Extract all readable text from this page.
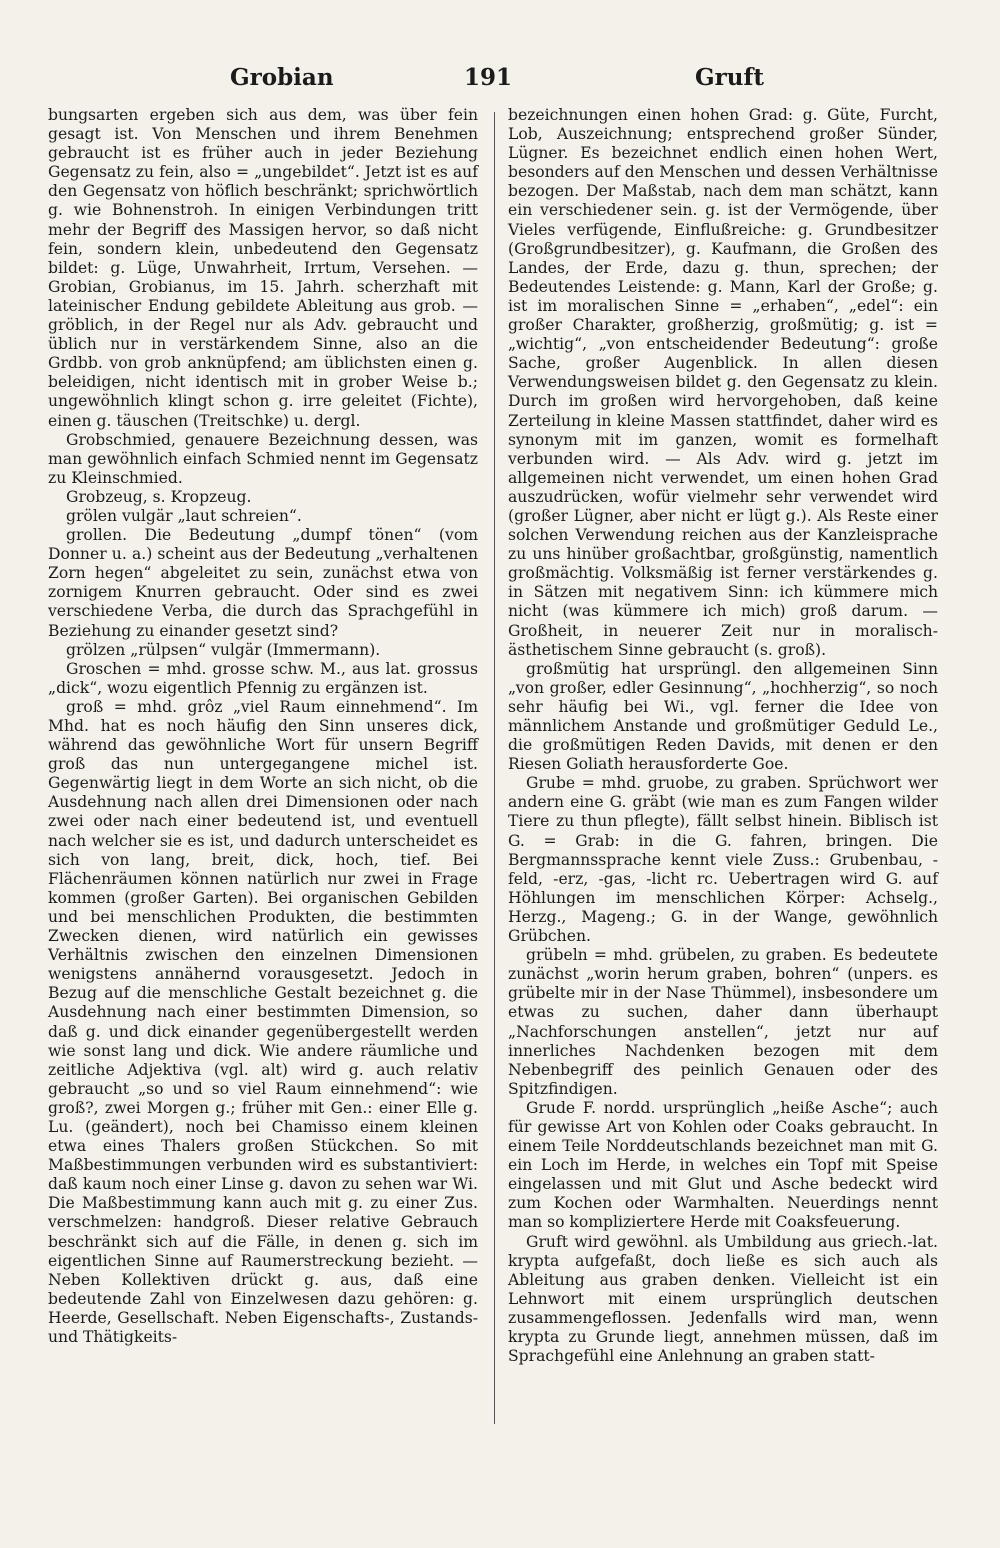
Grobian	191	Gruft

bungsarten ergeben sich aus dem, was über fein gesagt ist. Von Menschen und ihrem Benehmen gebraucht ist es früher auch in jeder Beziehung Gegensatz zu fein, also = „ungebildet“. Jetzt ist es auf den Gegensatz von höflich beschränkt; sprichwörtlich g. wie Bohnenstroh. In einigen Verbindungen tritt mehr der Begriff des Massigen hervor, so daß nicht fein, sondern klein, unbedeutend den Gegensatz bildet: g. Lüge, Unwahrheit, Irrtum, Versehen. — Grobian, Grobianus, im 15. Jahrh. scherzhaft mit lateinischer Endung gebildete Ableitung aus grob. — gröblich, in der Regel nur als Adv. gebraucht und üblich nur in verstärkendem Sinne, also an die Grdbb. von grob anknüpfend; am üblichsten einen g. beleidigen, nicht identisch mit in grober Weise b.; ungewöhnlich klingt schon g. irre geleitet (Fichte), einen g. täuschen (Treitschke) u. dergl.

Grobschmied, genauere Bezeichnung dessen, was man gewöhnlich einfach Schmied nennt im Gegensatz zu Kleinschmied.

Grobzeug, s. Kropzeug.

grölen vulgär „laut schreien“.

grollen. Die Bedeutung „dumpf tönen“ (vom Donner u. a.) scheint aus der Bedeutung „verhaltenen Zorn hegen“ abgeleitet zu sein, zunächst etwa von zornigem Knurren gebraucht. Oder sind es zwei verschiedene Verba, die durch das Sprachgefühl in Beziehung zu einander gesetzt sind?

grölzen „rülpsen“ vulgär (Immermann).

Groschen = mhd. grosse schw. M., aus lat. grossus „dick“, wozu eigentlich Pfennig zu ergänzen ist.

groß = mhd. grôz „viel Raum einnehmend“. Im Mhd. hat es noch häufig den Sinn unseres dick, während das gewöhnliche Wort für unsern Begriff groß das nun untergegangene michel ist. Gegenwärtig liegt in dem Worte an sich nicht, ob die Ausdehnung nach allen drei Dimensionen oder nach zwei oder nach einer bedeutend ist, und eventuell nach welcher sie es ist, und dadurch unterscheidet es sich von lang, breit, dick, hoch, tief. Bei Flächenräumen können natürlich nur zwei in Frage kommen (großer Garten). Bei organischen Gebilden und bei menschlichen Produkten, die bestimmten Zwecken dienen, wird natürlich ein gewisses Verhältnis zwischen den einzelnen Dimensionen wenigstens annähernd vorausgesetzt. Jedoch in Bezug auf die menschliche Gestalt bezeichnet g. die Ausdehnung nach einer bestimmten Dimension, so daß g. und dick einander gegenübergestellt werden wie sonst lang und dick. Wie andere räumliche und zeitliche Adjektiva (vgl. alt) wird g. auch relativ gebraucht „so und so viel Raum einnehmend“: wie groß?, zwei Morgen g.; früher mit Gen.: einer Elle g. Lu. (geändert), noch bei Chamisso einem kleinen etwa eines Thalers großen Stückchen. So mit Maßbestimmungen verbunden wird es substantiviert: daß kaum noch einer Linse g. davon zu sehen war Wi. Die Maßbestimmung kann auch mit g. zu einer Zus. verschmelzen: handgroß. Dieser relative Gebrauch beschränkt sich auf die Fälle, in denen g. sich im eigentlichen Sinne auf Raumerstreckung bezieht. — Neben Kollektiven drückt g. aus, daß eine bedeutende Zahl von Einzelwesen dazu gehören: g. Heerde, Gesellschaft. Neben Eigenschafts-, Zustands- und Thätigkeits-

bezeichnungen einen hohen Grad: g. Güte, Furcht, Lob, Auszeichnung; entsprechend großer Sünder, Lügner. Es bezeichnet endlich einen hohen Wert, besonders auf den Menschen und dessen Verhältnisse bezogen. Der Maßstab, nach dem man schätzt, kann ein verschiedener sein. g. ist der Vermögende, über Vieles verfügende, Einflußreiche: g. Grundbesitzer (Großgrundbesitzer), g. Kaufmann, die Großen des Landes, der Erde, dazu g. thun, sprechen; der Bedeutendes Leistende: g. Mann, Karl der Große; g. ist im moralischen Sinne = „erhaben“, „edel“: ein großer Charakter, großherzig, großmütig; g. ist = „wichtig“, „von entscheidender Bedeutung“: große Sache, großer Augenblick. In allen diesen Verwendungsweisen bildet g. den Gegensatz zu klein. Durch im großen wird hervorgehoben, daß keine Zerteilung in kleine Massen stattfindet, daher wird es synonym mit im ganzen, womit es formelhaft verbunden wird. — Als Adv. wird g. jetzt im allgemeinen nicht verwendet, um einen hohen Grad auszudrücken, wofür vielmehr sehr verwendet wird (großer Lügner, aber nicht er lügt g.). Als Reste einer solchen Verwendung reichen aus der Kanzleisprache zu uns hinüber großachtbar, großgünstig, namentlich großmächtig. Volksmäßig ist ferner verstärkendes g. in Sätzen mit negativem Sinn: ich kümmere mich nicht (was kümmere ich mich) groß darum. — Großheit, in neuerer Zeit nur in moralisch-ästhetischem Sinne gebraucht (s. groß).

großmütig hat ursprüngl. den allgemeinen Sinn „von großer, edler Gesinnung“, „hochherzig“, so noch sehr häufig bei Wi., vgl. ferner die Idee von männlichem Anstande und großmütiger Geduld Le., die großmütigen Reden Davids, mit denen er den Riesen Goliath herausforderte Goe.

Grube = mhd. gruobe, zu graben. Sprüchwort wer andern eine G. gräbt (wie man es zum Fangen wilder Tiere zu thun pflegte), fällt selbst hinein. Biblisch ist G. = Grab: in die G. fahren, bringen. Die Bergmannssprache kennt viele Zuss.: Grubenbau, -feld, -erz, -gas, -licht rc. Uebertragen wird G. auf Höhlungen im menschlichen Körper: Achselg., Herzg., Mageng.; G. in der Wange, gewöhnlich Grübchen.

grübeln = mhd. grübelen, zu graben. Es bedeutete zunächst „worin herum graben, bohren“ (unpers. es grübelte mir in der Nase Thümmel), insbesondere um etwas zu suchen, daher dann überhaupt „Nachforschungen anstellen“, jetzt nur auf innerliches Nachdenken bezogen mit dem Nebenbegriff des peinlich Genauen oder des Spitzfindigen.

Grude F. nordd. ursprünglich „heiße Asche“; auch für gewisse Art von Kohlen oder Coaks gebraucht. In einem Teile Norddeutschlands bezeichnet man mit G. ein Loch im Herde, in welches ein Topf mit Speise eingelassen und mit Glut und Asche bedeckt wird zum Kochen oder Warmhalten. Neuerdings nennt man so kompliziertere Herde mit Coaksfeuerung.

Gruft wird gewöhnl. als Umbildung aus griech.-lat. krypta aufgefaßt, doch ließe es sich auch als Ableitung aus graben denken. Vielleicht ist ein Lehnwort mit einem ursprünglich deutschen zusammengeflossen. Jedenfalls wird man, wenn krypta zu Grunde liegt, annehmen müssen, daß im Sprachgefühl eine Anlehnung an graben statt-
